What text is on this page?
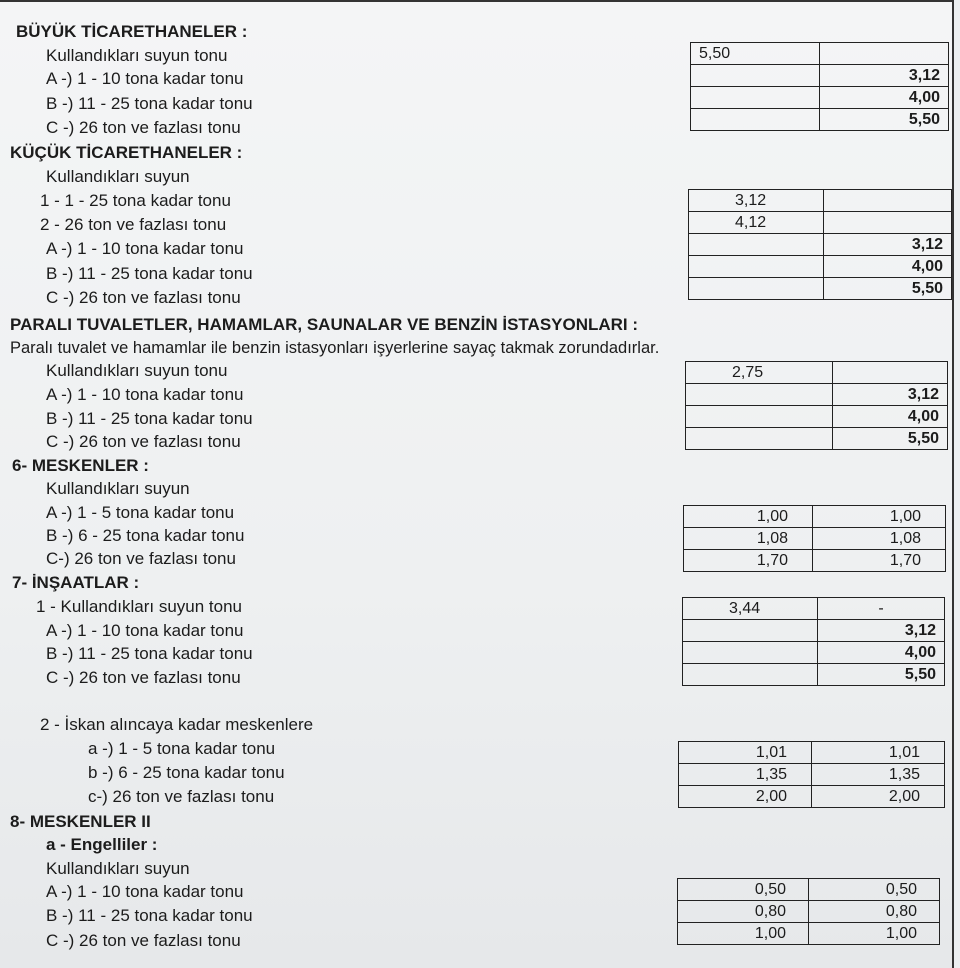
BÜYÜK TİCARETHANELER :
Kullandıkları suyun tonu
A -) 1 - 10 tona kadar tonu
B -) 11 - 25 tona kadar tonu
C -) 26 ton ve fazlası tonu
5,50	
	3,12
	4,00
	5,50
KÜÇÜK TİCARETHANELER :
Kullandıkları suyun
1 - 1 - 25 tona kadar tonu
2 - 26 ton ve fazlası tonu
A -) 1 - 10 tona kadar tonu
B -) 11 - 25 tona kadar tonu
C -) 26 ton ve fazlası tonu
3,12	
4,12	
	3,12
	4,00
	5,50
PARALI TUVALETLER, HAMAMLAR, SAUNALAR VE BENZİN İSTASYONLARI :
Paralı tuvalet ve hamamlar ile benzin istasyonları işyerlerine sayaç takmak zorundadırlar.
Kullandıkları suyun tonu
A -) 1 - 10 tona kadar tonu
B -) 11 - 25 tona kadar tonu
C -) 26 ton ve fazlası tonu
2,75	
	3,12
	4,00
	5,50
6- MESKENLER :
Kullandıkları suyun
A -) 1 - 5 tona kadar tonu
B -) 6 - 25 tona kadar tonu
C-) 26 ton ve fazlası tonu
1,00	1,00
1,08	1,08
1,70	1,70
7- İNŞAATLAR :
1 - Kullandıkları suyun tonu
A -) 1 - 10 tona kadar tonu
B -) 11 - 25 tona kadar tonu
C -) 26 ton ve fazlası tonu
3,44	-
	3,12
	4,00
	5,50
2 - İskan alıncaya kadar meskenlere
a -) 1 - 5 tona kadar tonu
b -) 6 - 25 tona kadar tonu
c-) 26 ton ve fazlası tonu
1,01	1,01
1,35	1,35
2,00	2,00
8- MESKENLER II
a - Engelliler :
Kullandıkları suyun
A -) 1 - 10 tona kadar tonu
B -) 11 - 25 tona kadar tonu
C -) 26 ton ve fazlası tonu
0,50	0,50
0,80	0,80
1,00	1,00
